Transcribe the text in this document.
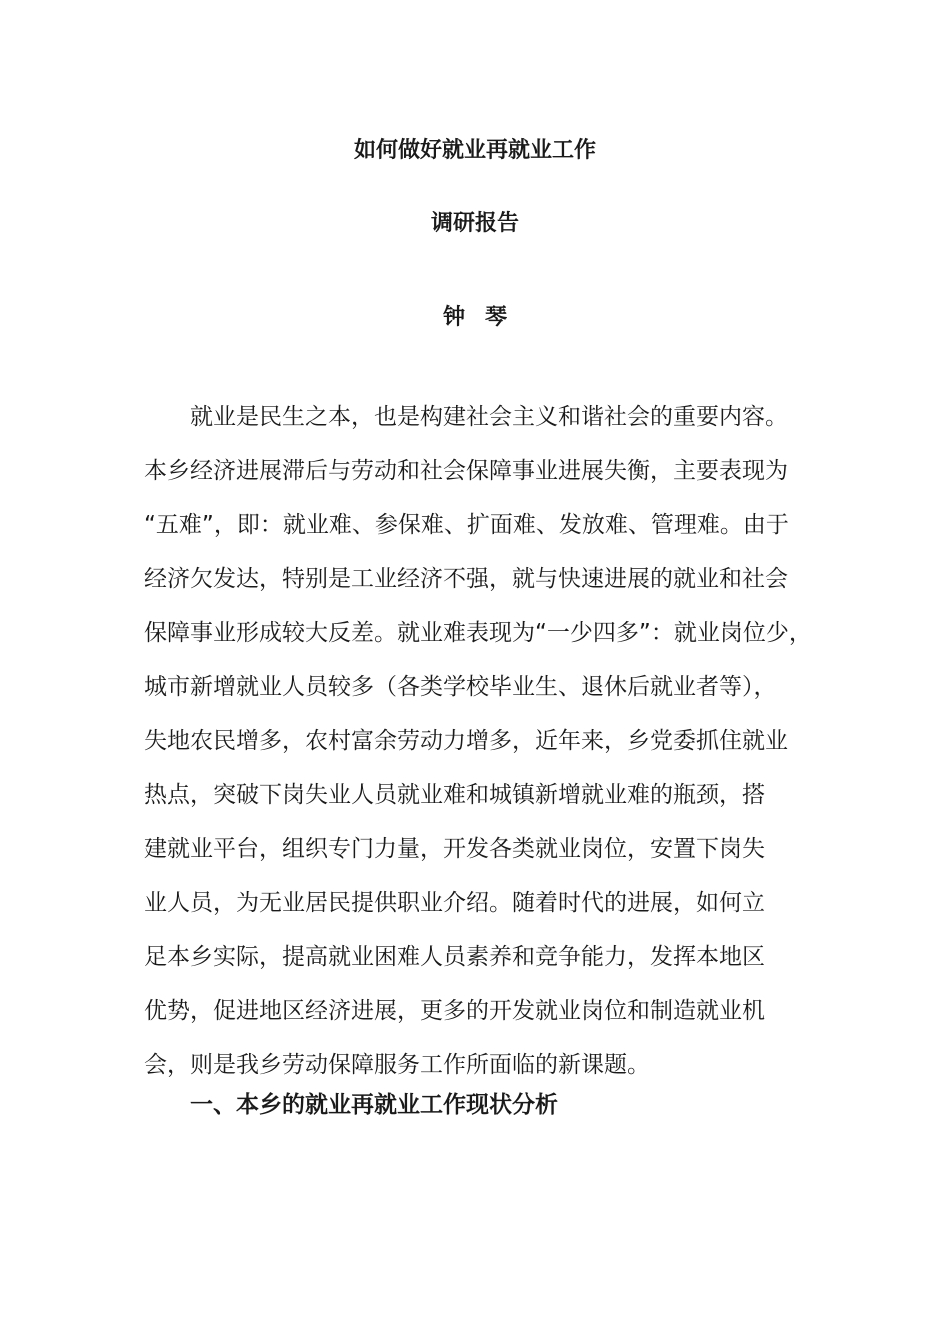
如何做好就业再就业工作
调研报告
钟 琴
就业是民生之本，也是构建社会主义和谐社会的重要内容。
本乡经济进展滞后与劳动和社会保障事业进展失衡，主要表现为
“五难”，即：就业难、参保难、扩面难、发放难、管理难。由于
经济欠发达，特别是工业经济不强，就与快速进展的就业和社会
保障事业形成较大反差。就业难表现为“一少四多”：就业岗位少，
城市新增就业人员较多（各类学校毕业生、退休后就业者等），
失地农民增多，农村富余劳动力增多，近年来，乡党委抓住就业
热点，突破下岗失业人员就业难和城镇新增就业难的瓶颈，搭
建就业平台，组织专门力量，开发各类就业岗位，安置下岗失
业人员，为无业居民提供职业介绍。随着时代的进展，如何立
足本乡实际，提高就业困难人员素养和竞争能力，发挥本地区
优势，促进地区经济进展，更多的开发就业岗位和制造就业机
会，则是我乡劳动保障服务工作所面临的新课题。
一、本乡的就业再就业工作现状分析
